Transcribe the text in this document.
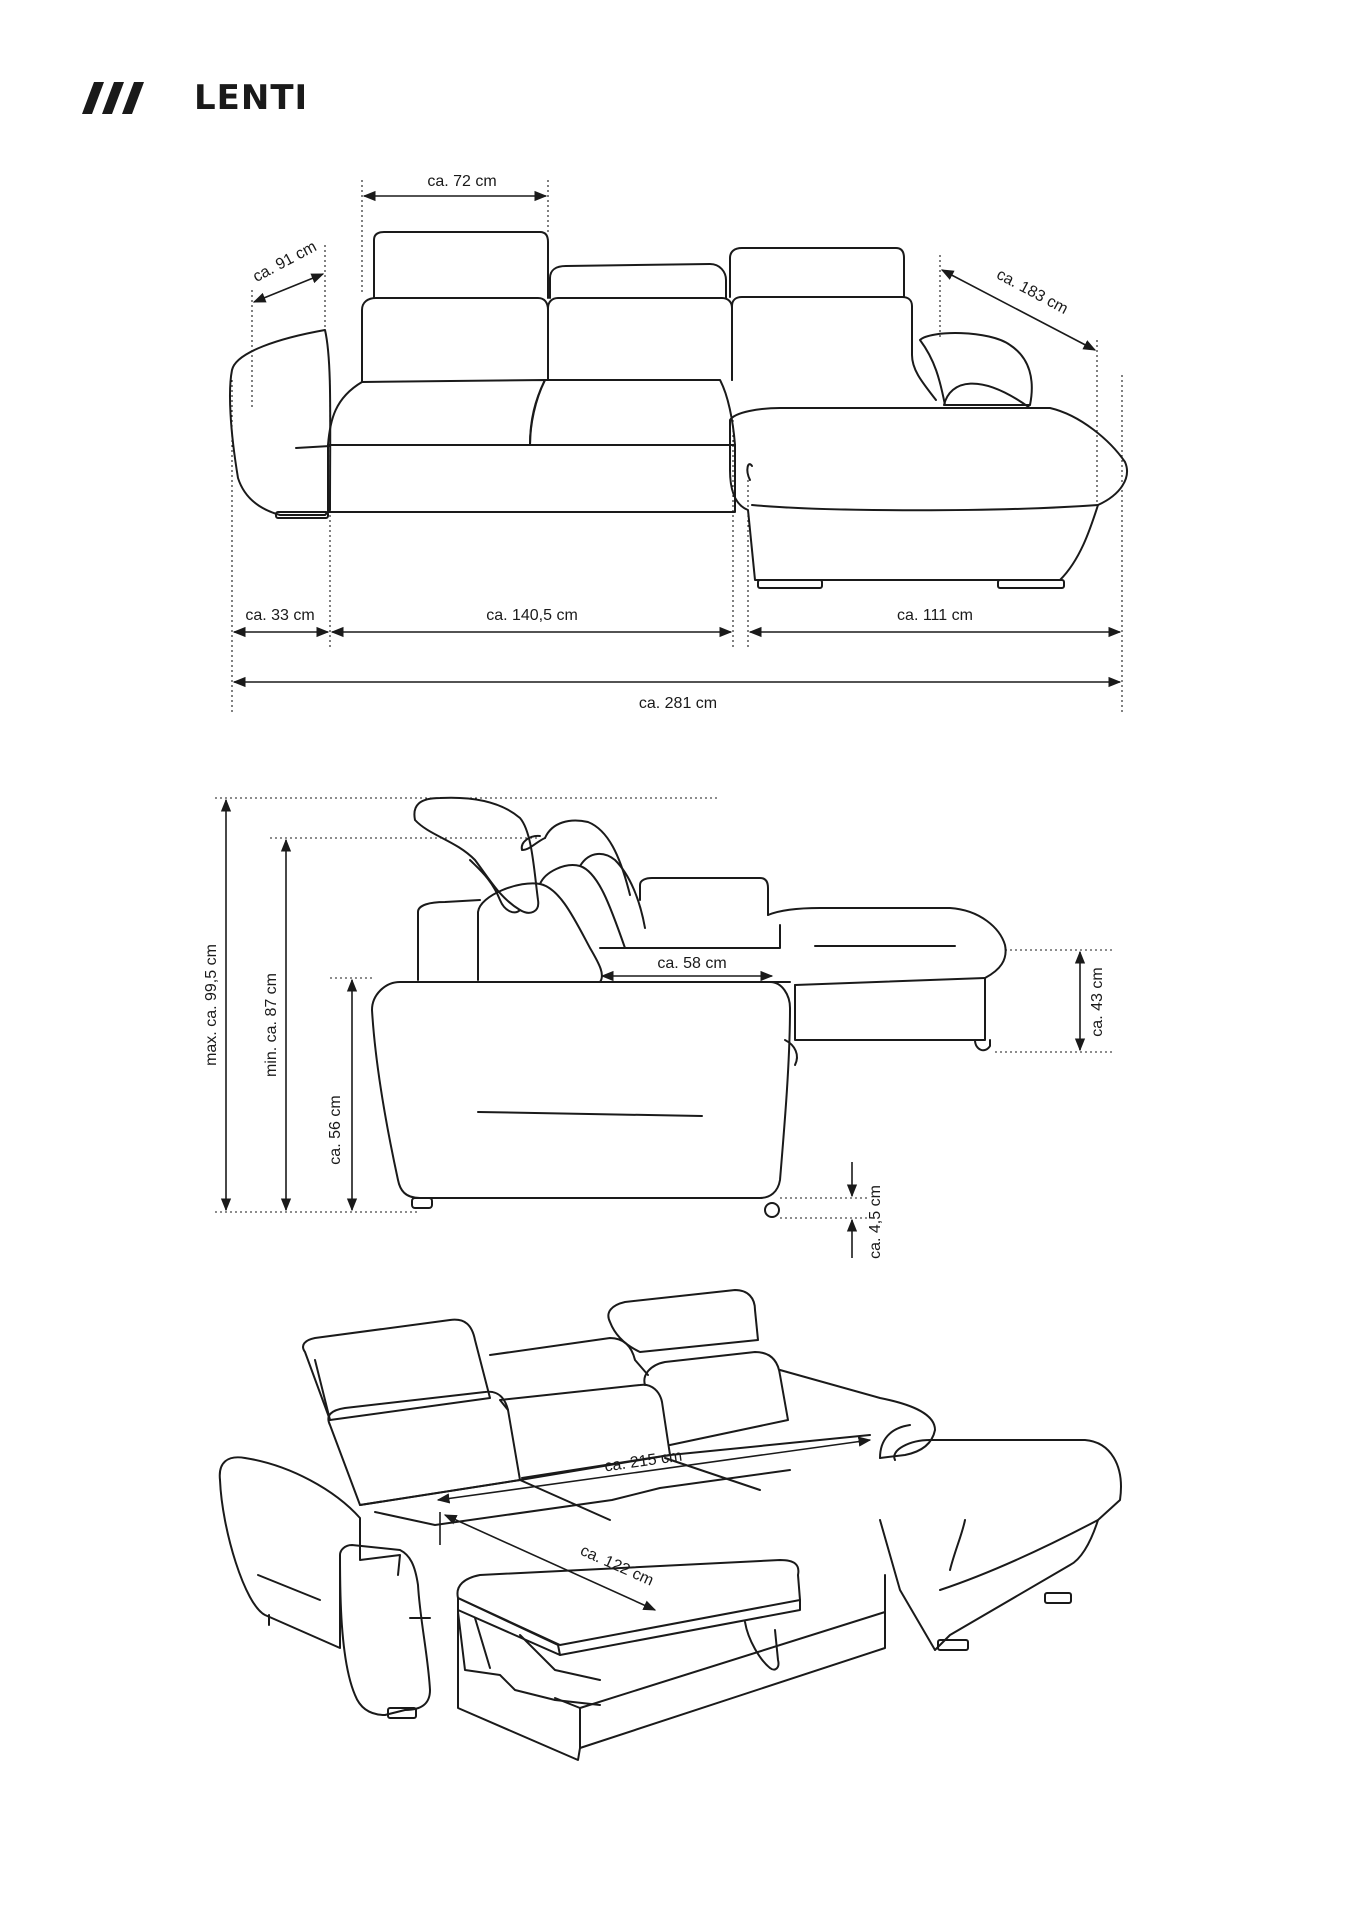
LENTI
ca. 72 cm
ca. 91 cm
ca. 183 cm
ca. 33 cm	ca. 140,5 cm	ca. 111 cm
ca. 281 cm
max. ca. 99,5 cm	min. ca. 87 cm
ca. 56 cm
ca. 58 cm
ca. 43 cm
ca. 4,5 cm
ca. 215 cm
ca. 122 cm
